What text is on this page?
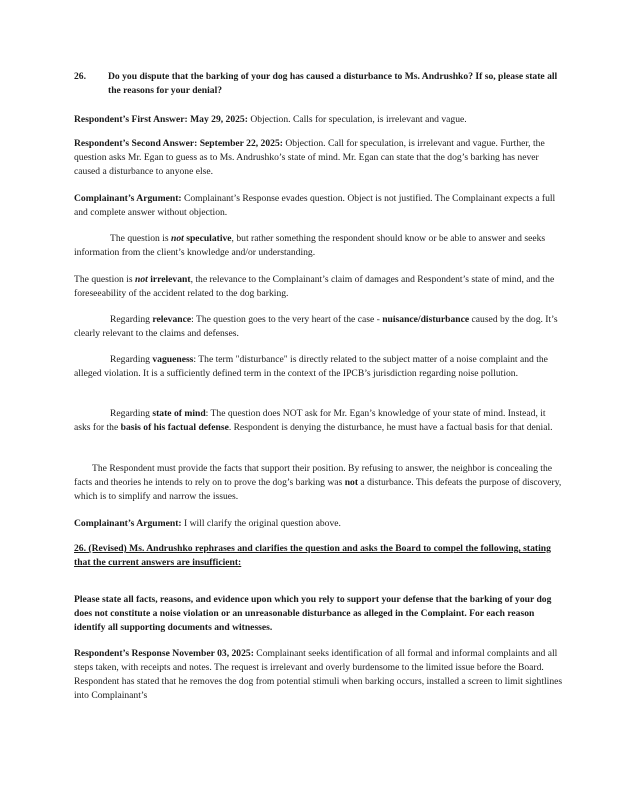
26. Do you dispute that the barking of your dog has caused a disturbance to Ms. Andrushko? If so, please state all the reasons for your denial?
Respondent’s First Answer: May 29, 2025: Objection. Calls for speculation, is irrelevant and vague.
Respondent’s Second Answer: September 22, 2025: Objection. Call for speculation, is irrelevant and vague. Further, the question asks Mr. Egan to guess as to Ms. Andrushko’s state of mind. Mr. Egan can state that the dog’s barking has never caused a disturbance to anyone else.
Complainant’s Argument: Complainant’s Response evades question. Object is not justified. The Complainant expects a full and complete answer without objection.
The question is not speculative, but rather something the respondent should know or be able to answer and seeks information from the client’s knowledge and/or understanding.
The question is not irrelevant, the relevance to the Complainant’s claim of damages and Respondent’s state of mind, and the foreseeability of the accident related to the dog barking.
Regarding relevance: The question goes to the very heart of the case - nuisance/disturbance caused by the dog. It’s clearly relevant to the claims and defenses.
Regarding vagueness: The term "disturbance" is directly related to the subject matter of a noise complaint and the alleged violation. It is a sufficiently defined term in the context of the IPCB’s jurisdiction regarding noise pollution.
Regarding state of mind: The question does NOT ask for Mr. Egan’s knowledge of your state of mind. Instead, it asks for the basis of his factual defense. Respondent is denying the disturbance, he must have a factual basis for that denial.
The Respondent must provide the facts that support their position. By refusing to answer, the neighbor is concealing the facts and theories he intends to rely on to prove the dog’s barking was not a disturbance. This defeats the purpose of discovery, which is to simplify and narrow the issues.
Complainant’s Argument: I will clarify the original question above.
26. (Revised) Ms. Andrushko rephrases and clarifies the question and asks the Board to compel the following, stating that the current answers are insufficient:
Please state all facts, reasons, and evidence upon which you rely to support your defense that the barking of your dog does not constitute a noise violation or an unreasonable disturbance as alleged in the Complaint. For each reason identify all supporting documents and witnesses.
Respondent’s Response November 03, 2025: Complainant seeks identification of all formal and informal complaints and all steps taken, with receipts and notes. The request is irrelevant and overly burdensome to the limited issue before the Board. Respondent has stated that he removes the dog from potential stimuli when barking occurs, installed a screen to limit sightlines into Complainant’s
